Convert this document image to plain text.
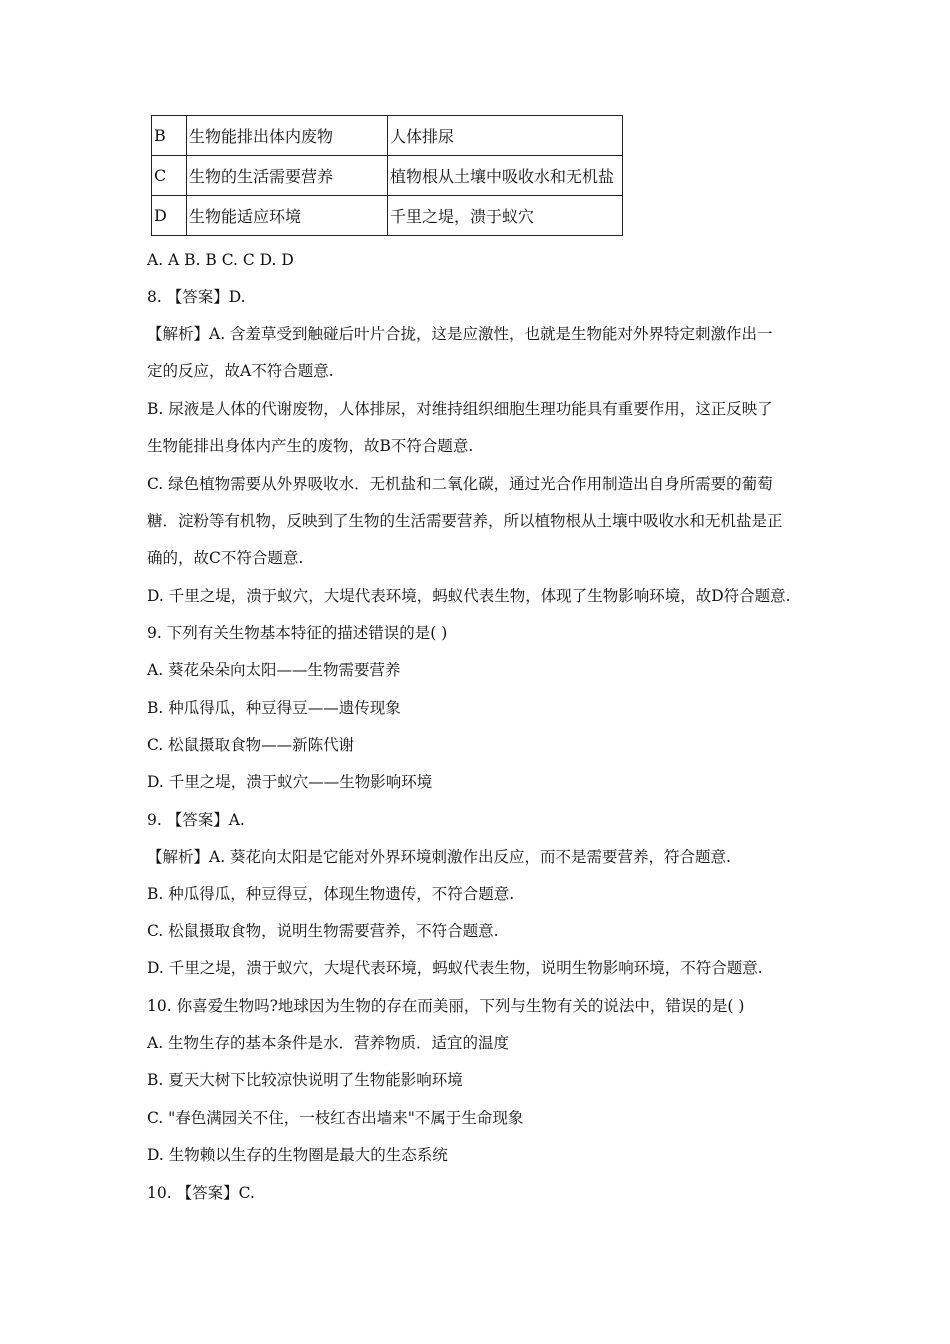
B	生物能排出体内废物	人体排尿
C	生物的生活需要营养	植物根从土壤中吸收水和无机盐
D	生物能适应环境	千里之堤，溃于蚁穴
A. A B. B C. C D. D
8. 【答案】D.
【解析】A. 含羞草受到触碰后叶片合拢，这是应激性，也就是生物能对外界特定刺激作出一
定的反应，故A不符合题意.
B. 尿液是人体的代谢废物，人体排尿，对维持组织细胞生理功能具有重要作用，这正反映了
生物能排出身体内产生的废物，故B不符合题意.
C. 绿色植物需要从外界吸收水．无机盐和二氧化碳，通过光合作用制造出自身所需要的葡萄
糖．淀粉等有机物，反映到了生物的生活需要营养，所以植物根从土壤中吸收水和无机盐是正
确的，故C不符合题意.
D. 千里之堤，溃于蚁穴，大堤代表环境，蚂蚁代表生物，体现了生物影响环境，故D符合题意.
9. 下列有关生物基本特征的描述错误的是( )
A. 葵花朵朵向太阳——生物需要营养
B. 种瓜得瓜，种豆得豆——遗传现象
C. 松鼠摄取食物——新陈代谢
D. 千里之堤，溃于蚁穴——生物影响环境
9. 【答案】A.
【解析】A. 葵花向太阳是它能对外界环境刺激作出反应，而不是需要营养，符合题意.
B. 种瓜得瓜，种豆得豆，体现生物遗传，不符合题意.
C. 松鼠摄取食物，说明生物需要营养，不符合题意.
D. 千里之堤，溃于蚁穴，大堤代表环境，蚂蚁代表生物，说明生物影响环境，不符合题意.
10. 你喜爱生物吗?地球因为生物的存在而美丽，下列与生物有关的说法中，错误的是( )
A. 生物生存的基本条件是水．营养物质．适宜的温度
B. 夏天大树下比较凉快说明了生物能影响环境
C. "春色满园关不住，一枝红杏出墙来"不属于生命现象
D. 生物赖以生存的生物圈是最大的生态系统
10. 【答案】C.
